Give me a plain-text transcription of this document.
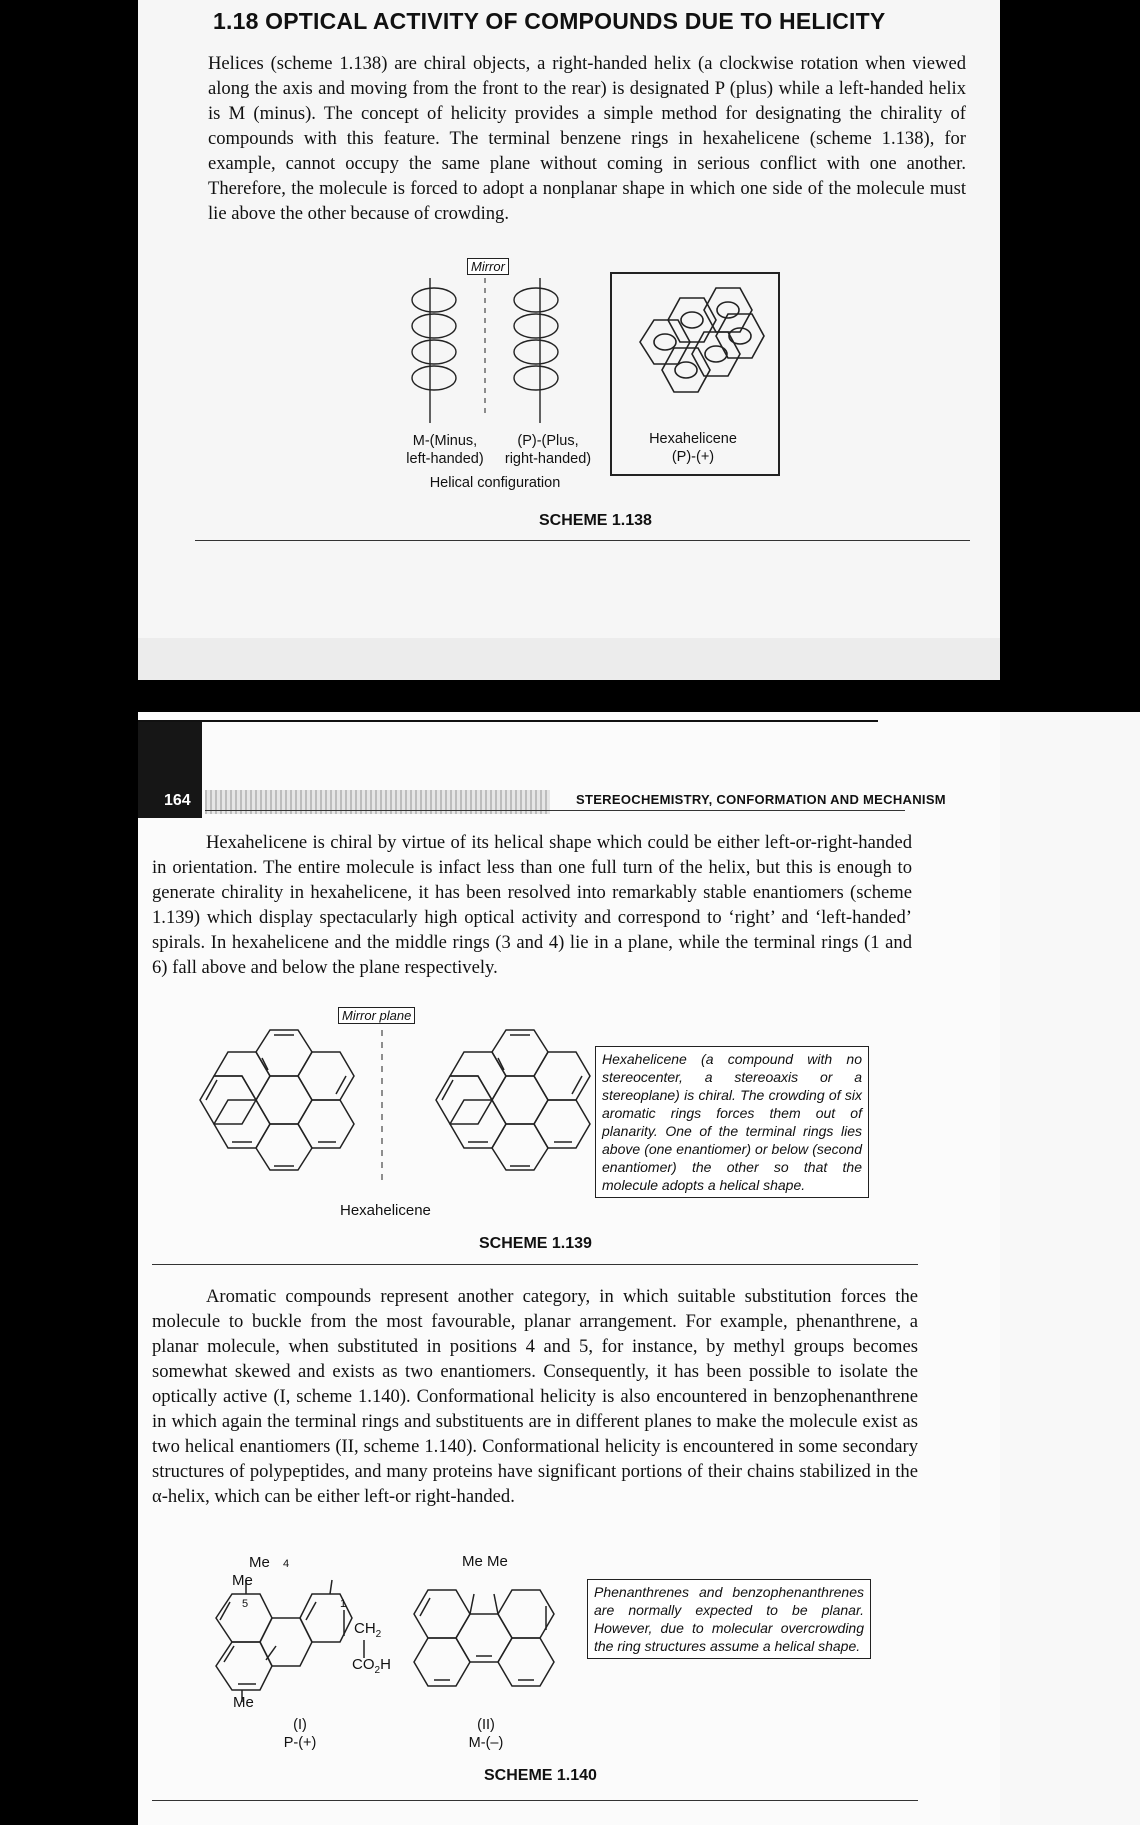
1.18 OPTICAL ACTIVITY OF COMPOUNDS DUE TO HELICITY
Helices (scheme 1.138) are chiral objects, a right-handed helix (a clockwise rotation when viewed along the axis and moving from the front to the rear) is designated P (plus) while a left-handed helix is M (minus). The concept of helicity provides a simple method for designating the chirality of compounds with this feature. The terminal benzene rings in hexahelicene (scheme 1.138), for example, cannot occupy the same plane without coming in serious conflict with one another. Therefore, the molecule is forced to adopt a nonplanar shape in which one side of the molecule must lie above the other because of crowding.
Mirror
M-(Minus,
left-handed)
(P)-(Plus,
right-handed)
Helical configuration
Hexahelicene
(P)-(+)
SCHEME 1.138
164	STEREOCHEMISTRY, CONFORMATION AND MECHANISM
Hexahelicene is chiral by virtue of its helical shape which could be either left-or-right-handed in orientation. The entire molecule is infact less than one full turn of the helix, but this is enough to generate chirality in hexahelicene, it has been resolved into remarkably stable enantiomers (scheme 1.139) which display spectacularly high optical activity and correspond to ‘right’ and ‘left-handed’ spirals. In hexahelicene and the middle rings (3 and 4) lie in a plane, while the terminal rings (1 and 6) fall above and below the plane respectively.
Mirror plane
Hexahelicene (a compound with no stereocenter, a stereoaxis or a stereoplane) is chiral. The crowding of six aromatic rings forces them out of planarity. One of the terminal rings lies above (one enantiomer) or below (second enantiomer) the other so that the molecule adopts a helical shape.
Hexahelicene
SCHEME 1.139
Aromatic compounds represent another category, in which suitable substitution forces the molecule to buckle from the most favourable, planar arrangement. For example, phenanthrene, a planar molecule, when substituted in positions 4 and 5, for instance, by methyl groups becomes somewhat skewed and exists as two enantiomers. Consequently, it has been possible to isolate the optically active (I, scheme 1.140). Conformational helicity is also encountered in benzophenanthrene in which again the terminal rings and substituents are in different planes to make the molecule exist as two helical enantiomers (II, scheme 1.140). Conformational helicity is encountered in some secondary structures of polypeptides, and many proteins have significant portions of their chains stabilized in the α-helix, which can be either left-or right-handed.
Me 4
Me
5	1
$CH_2$
$CO_2H$
Me
(I)
P-(+)
Me Me
(II)
M-(–)
Phenanthrenes and benzophenanthrenes are normally expected to be planar. However, due to molecular overcrowding the ring structures assume a helical shape.
SCHEME 1.140
